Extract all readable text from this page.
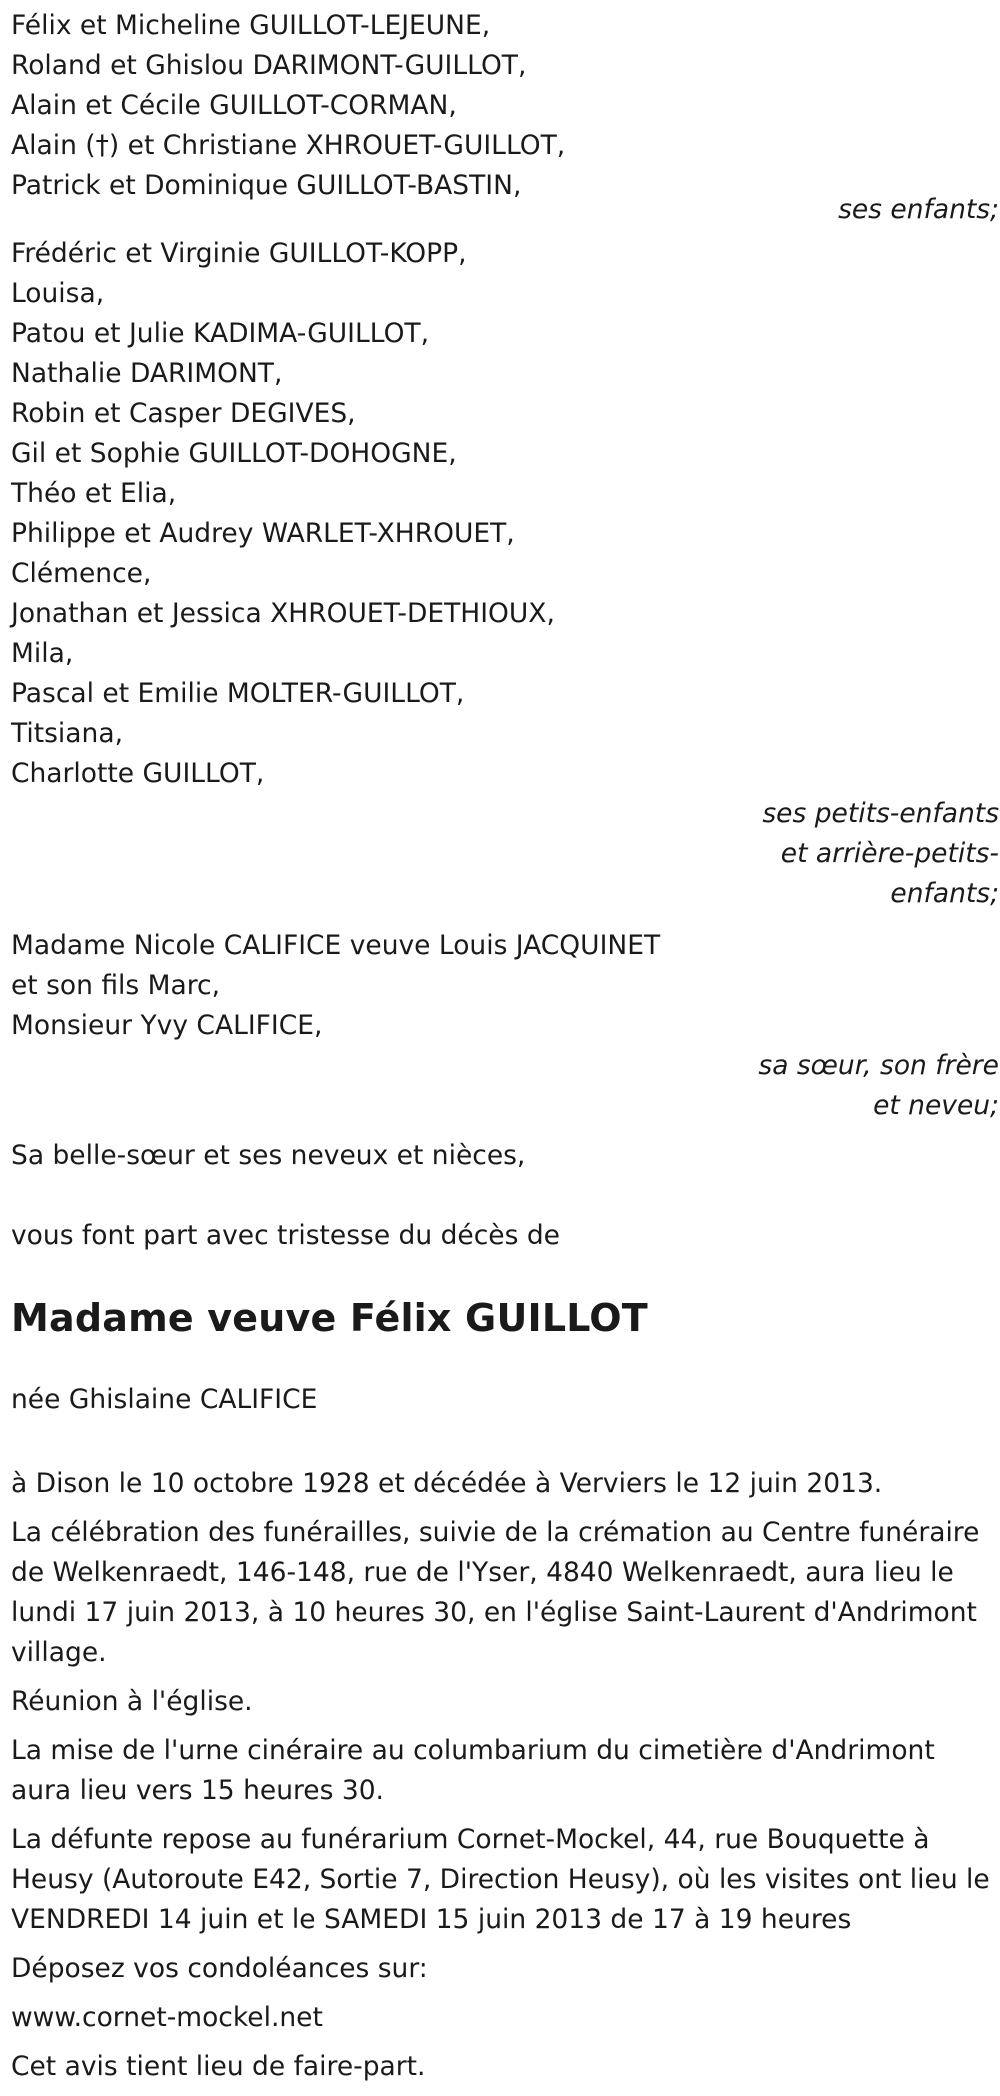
Félix et Micheline GUILLOT-LEJEUNE,
Roland et Ghislou DARIMONT-GUILLOT,
Alain et Cécile GUILLOT-CORMAN,
Alain (†) et Christiane XHROUET-GUILLOT,
Patrick et Dominique GUILLOT-BASTIN,
ses enfants;
Frédéric et Virginie GUILLOT-KOPP,
Louisa,
Patou et Julie KADIMA-GUILLOT,
Nathalie DARIMONT,
Robin et Casper DEGIVES,
Gil et Sophie GUILLOT-DOHOGNE,
Théo et Elia,
Philippe et Audrey WARLET-XHROUET,
Clémence,
Jonathan et Jessica XHROUET-DETHIOUX,
Mila,
Pascal et Emilie MOLTER-GUILLOT,
Titsiana,
Charlotte GUILLOT,
ses petits-enfants
et arrière-petits-
enfants;
Madame Nicole CALIFICE veuve Louis JACQUINET
et son fils Marc,
Monsieur Yvy CALIFICE,
sa sœur, son frère
et neveu;
Sa belle-sœur et ses neveux et nièces,
vous font part avec tristesse du décès de
Madame veuve Félix GUILLOT
née Ghislaine CALIFICE
à Dison le 10 octobre 1928 et décédée à Verviers le 12 juin 2013.
La célébration des funérailles, suivie de la crémation au Centre funéraire de Welkenraedt, 146-148, rue de l'Yser, 4840 Welkenraedt, aura lieu le lundi 17 juin 2013, à 10 heures 30, en l'église Saint-Laurent d'Andrimont village.
Réunion à l'église.
La mise de l'urne cinéraire au columbarium du cimetière d'Andrimont aura lieu vers 15 heures 30.
La défunte repose au funérarium Cornet-Mockel, 44, rue Bouquette à Heusy (Autoroute E42, Sortie 7, Direction Heusy), où les visites ont lieu le VENDREDI 14 juin et le SAMEDI 15 juin 2013 de 17 à 19 heures
Déposez vos condoléances sur:
www.cornet-mockel.net
Cet avis tient lieu de faire-part.
